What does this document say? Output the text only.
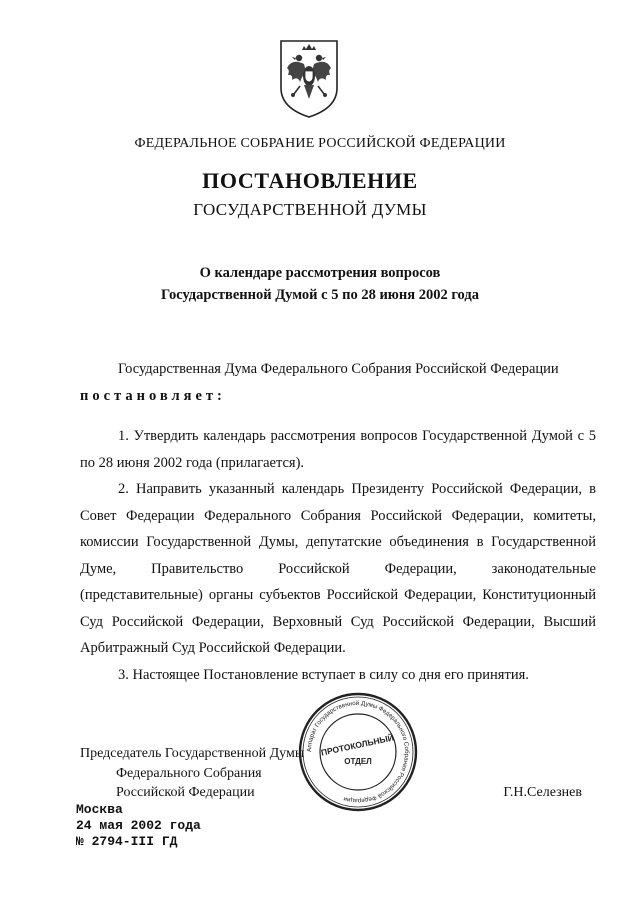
ФЕДЕРАЛЬНОЕ СОБРАНИЕ РОССИЙСКОЙ ФЕДЕРАЦИИ
ПОСТАНОВЛЕНИЕ
ГОСУДАРСТВЕННОЙ ДУМЫ
О календаре рассмотрения вопросов
Государственной Думой с 5 по 28 июня 2002 года

Государственная Дума Федерального Собрания Российской Федерации

постановляет:

1. Утвердить календарь рассмотрения вопросов Государственной Думой с 5 по 28 июня 2002 года (прилагается).

2. Направить указанный календарь Президенту Российской Федерации, в Совет Федерации Федерального Собрания Российской Федерации, комитеты, комиссии Государственной Думы, депутатские объединения в Государственной Думе, Правительство Российской Федерации, законодательные (представительные) органы субъектов Российской Федерации, Конституционный Суд Российской Федерации, Верховный Суд Российской Федерации, Высший Арбитражный Суд Российской Федерации.

3. Настоящее Постановление вступает в силу со дня его принятия.

Председатель Государственной Думы
Федерального Собрания
Российской Федерации	Г.Н.Селезнев
Аппарат Государственной Думы Федерального Собрания Российской Федерации
ПРОТОКОЛЬНЫЙ
ОТДЕЛ
Москва
24 мая 2002 года
№ 2794-III ГД
